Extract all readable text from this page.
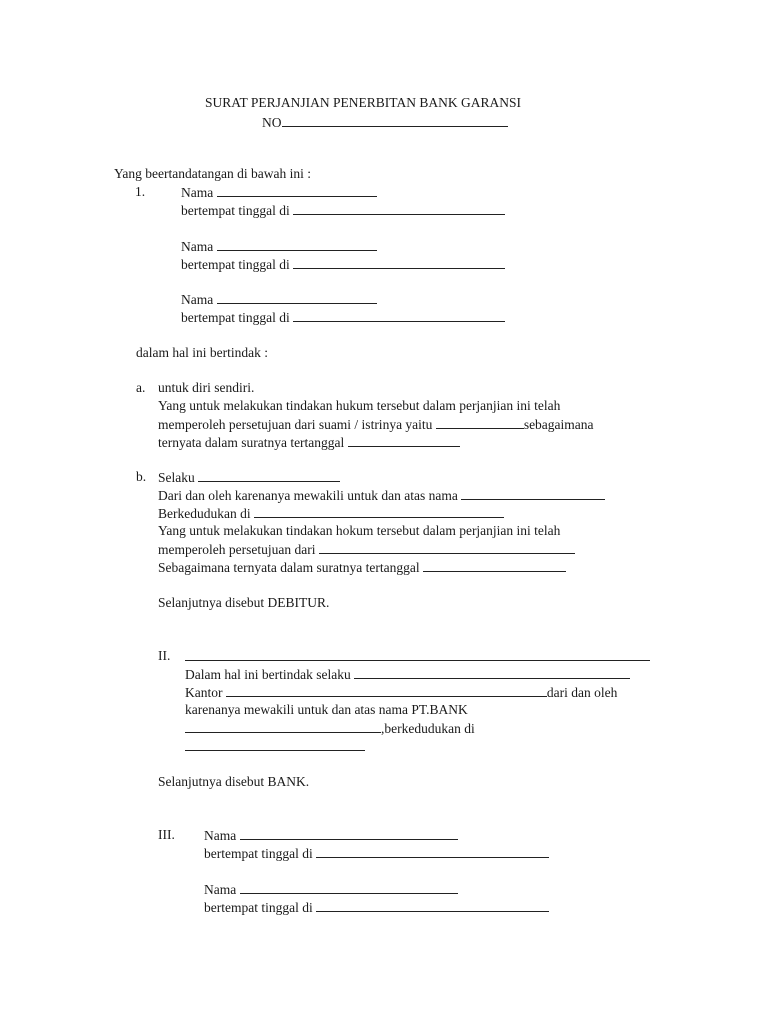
SURAT PERJANJIAN PENERBITAN BANK GARANSI
NO
Yang beertandatangan di bawah ini :
1.	Nama
bertempat tinggal di
Nama
bertempat tinggal di
Nama
bertempat tinggal di
dalam hal ini bertindak :
a. untuk diri sendiri.
Yang untuk melakukan tindakan hukum tersebut dalam perjanjian ini telah
memperoleh persetujuan dari suami / istrinya yaitu	sebagaimana
ternyata dalam suratnya tertanggal
b. Selaku
Dari dan oleh karenanya mewakili untuk dan atas nama
Berkedudukan di
Yang untuk melakukan tindakan hokum tersebut dalam perjanjian ini telah
memperoleh persetujuan dari
Sebagaimana ternyata dalam suratnya tertanggal
Selanjutnya disebut DEBITUR.
II.
Dalam hal ini bertindak selaku
Kantor	dari dan oleh
karenanya mewakili untuk dan atas nama PT.BANK
,berkedudukan di
Selanjutnya disebut BANK.
III. Nama
bertempat tinggal di
Nama
bertempat tinggal di
